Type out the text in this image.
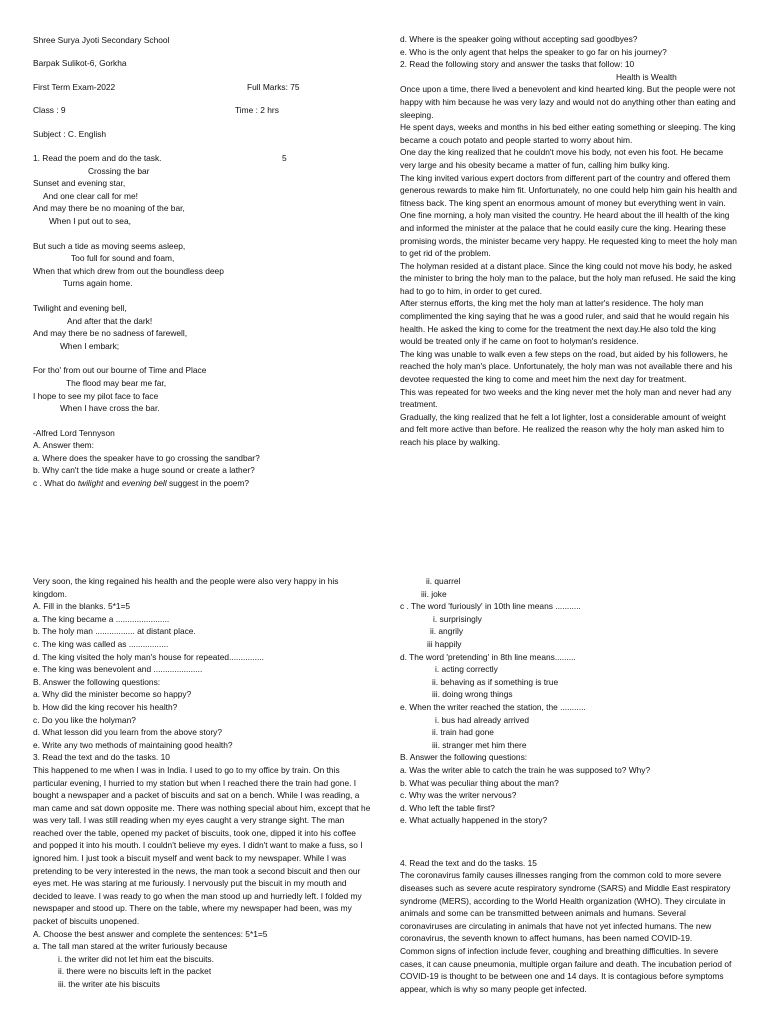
Shree Surya Jyoti Secondary School
Barpak Sulikot-6, Gorkha
First Term Exam-2022	Full Marks: 75
Class : 9	Time : 2 hrs
Subject : C. English
1. Read the poem and do the task.	5
Crossing the bar
Sunset and evening star,
And one clear call for me!
And may there be no moaning of the bar,
When I put out to sea,
But such a tide as moving seems asleep,
Too full for sound and foam,
When that which drew from out the boundless deep
Turns again home.
Twilight and evening bell,
And after that the dark!
And may there be no sadness of farewell,
When I embark;
For tho' from out our bourne of Time and Place
The flood may bear me far,
I hope to see my pilot face to face
When I have cross the bar.
-Alfred Lord Tennyson
A. Answer them:
a. Where does the speaker have to go crossing the sandbar?
b. Why can't the tide make a huge sound or create a lather?
c . What do twilight and evening bell suggest in the poem?
d. Where is the speaker going without accepting sad goodbyes?
e. Who is the only agent that helps the speaker to go far on his journey?
2. Read the following story and answer the tasks that follow: 10
Health is Wealth
Once upon a time, there lived a benevolent and kind hearted king. But the people were not happy with him because he was very lazy and would not do anything other than eating and sleeping.
He spent days, weeks and months in his bed either eating something or sleeping. The king became a couch potato and people started to worry about him.
One day the king realized that he couldn't move his body, not even his foot. He became very large and his obesity became a matter of fun, calling him bulky king.
The king invited various expert doctors from different part of the country and offered them generous rewards to make him fit. Unfortunately, no one could help him gain his health and fitness back. The king spent an enormous amount of money but everything went in vain.
One fine morning, a holy man visited the country. He heard about the ill health of the king and informed the minister at the palace that he could easily cure the king. Hearing these promising words, the minister became very happy. He requested king to meet the holy man to get rid of the problem.
The holyman resided at a distant place. Since the king could not move his body, he asked the minister to bring the holy man to the palace, but the holy man refused. He said the king had to go to him, in order to get cured.
After sternus efforts, the king met the holy man at latter's residence. The holy man complimented the king saying that he was a good ruler, and said that he would regain his health. He asked the king to come for the treatment the next day.He also told the king would be treated only if he came on foot to holyman's residence.
The king was unable to walk even a few steps on the road, but aided by his followers, he reached the holy man's place. Unfortunately, the holy man was not available there and his devotee requested the king to come and meet him the next day for treatment.
This was repeated for two weeks and the king never met the holy man and never had any treatment.
Gradually, the king realized that he felt a lot lighter, lost a considerable amount of weight and felt more active than before. He realized the reason why the holy man asked him to reach his place by walking.
Very soon, the king regained his health and the people were also very happy in his kingdom.
A. Fill in the blanks. 5*1=5
a. The king became a .......................
b. The holy man ................. at distant place.
c. The king was called as .................
d. The king visited the holy man's house for repeated...............
e. The king was benevolent and .....................
B. Answer the following questions:
a. Why did the minister become so happy?
b. How did the king recover his health?
c. Do you like the holyman?
d. What lesson did you learn from the above story?
e. Write any two methods of maintaining good health?
3. Read the text and do the tasks. 10
This happened to me when I was in India. I used to go to my office by train. On this particular evening, I hurried to my station but when I reached there the train had gone. I bought a newspaper and a packet of biscuits and sat on a bench. While I was reading, a man came and sat down opposite me. There was nothing special about him, except that he was very tall. I was still reading when my eyes caught a very strange sight. The man reached over the table, opened my packet of biscuits, took one, dipped it into his coffee and popped it into his mouth. I couldn't believe my eyes. I didn't want to make a fuss, so I ignored him. I just took a biscuit myself and went back to my newspaper. While I was pretending to be very interested in the news, the man took a second biscuit and then our eyes met. He was staring at me furiously. I nervously put the biscuit in my mouth and decided to leave. I was ready to go when the man stood up and hurriedly left. I folded my newspaper and stood up. There on the table, where my newspaper had been, was my packet of biscuits unopened.
A. Choose the best answer and complete the sentences: 5*1=5
a. The tall man stared at the writer furiously because
i. the writer did not let him eat the biscuits.
ii. there were no biscuits left in the packet
iii. the writer ate his biscuits
ii. quarrel
iii. joke
c . The word 'furiously' in 10th line means ...........
i. surprisingly
ii. angrily
iii happily
d. The word 'pretending' in 8th line means.........
i. acting correctly
ii. behaving as if something is true
iii. doing wrong things
e. When the writer reached the station, the ...........
i. bus had already arrived
ii. train had gone
iii. stranger met him there
B. Answer the following questions:
a. Was the writer able to catch the train he was supposed to? Why?
b. What was peculiar thing about the man?
c. Why was the writer nervous?
d. Who left the table first?
e. What actually happened in the story?
4. Read the text and do the tasks. 15
The coronavirus family causes illnesses ranging from the common cold to more severe diseases such as severe acute respiratory syndrome (SARS) and Middle East respiratory syndrome (MERS), according to the World Health organization (WHO). They circulate in animals and some can be transmitted between animals and humans. Several coronaviruses are circulating in animals that have not yet infected humans. The new coronavirus, the seventh known to affect humans, has been named COVID-19.
Common signs of infection include fever, coughing and breathing difficulties. In severe cases, it can cause pneumonia, multiple organ failure and death. The incubation period of COVID-19 is thought to be between one and 14 days. It is contagious before symptoms appear, which is why so many people get infected.
